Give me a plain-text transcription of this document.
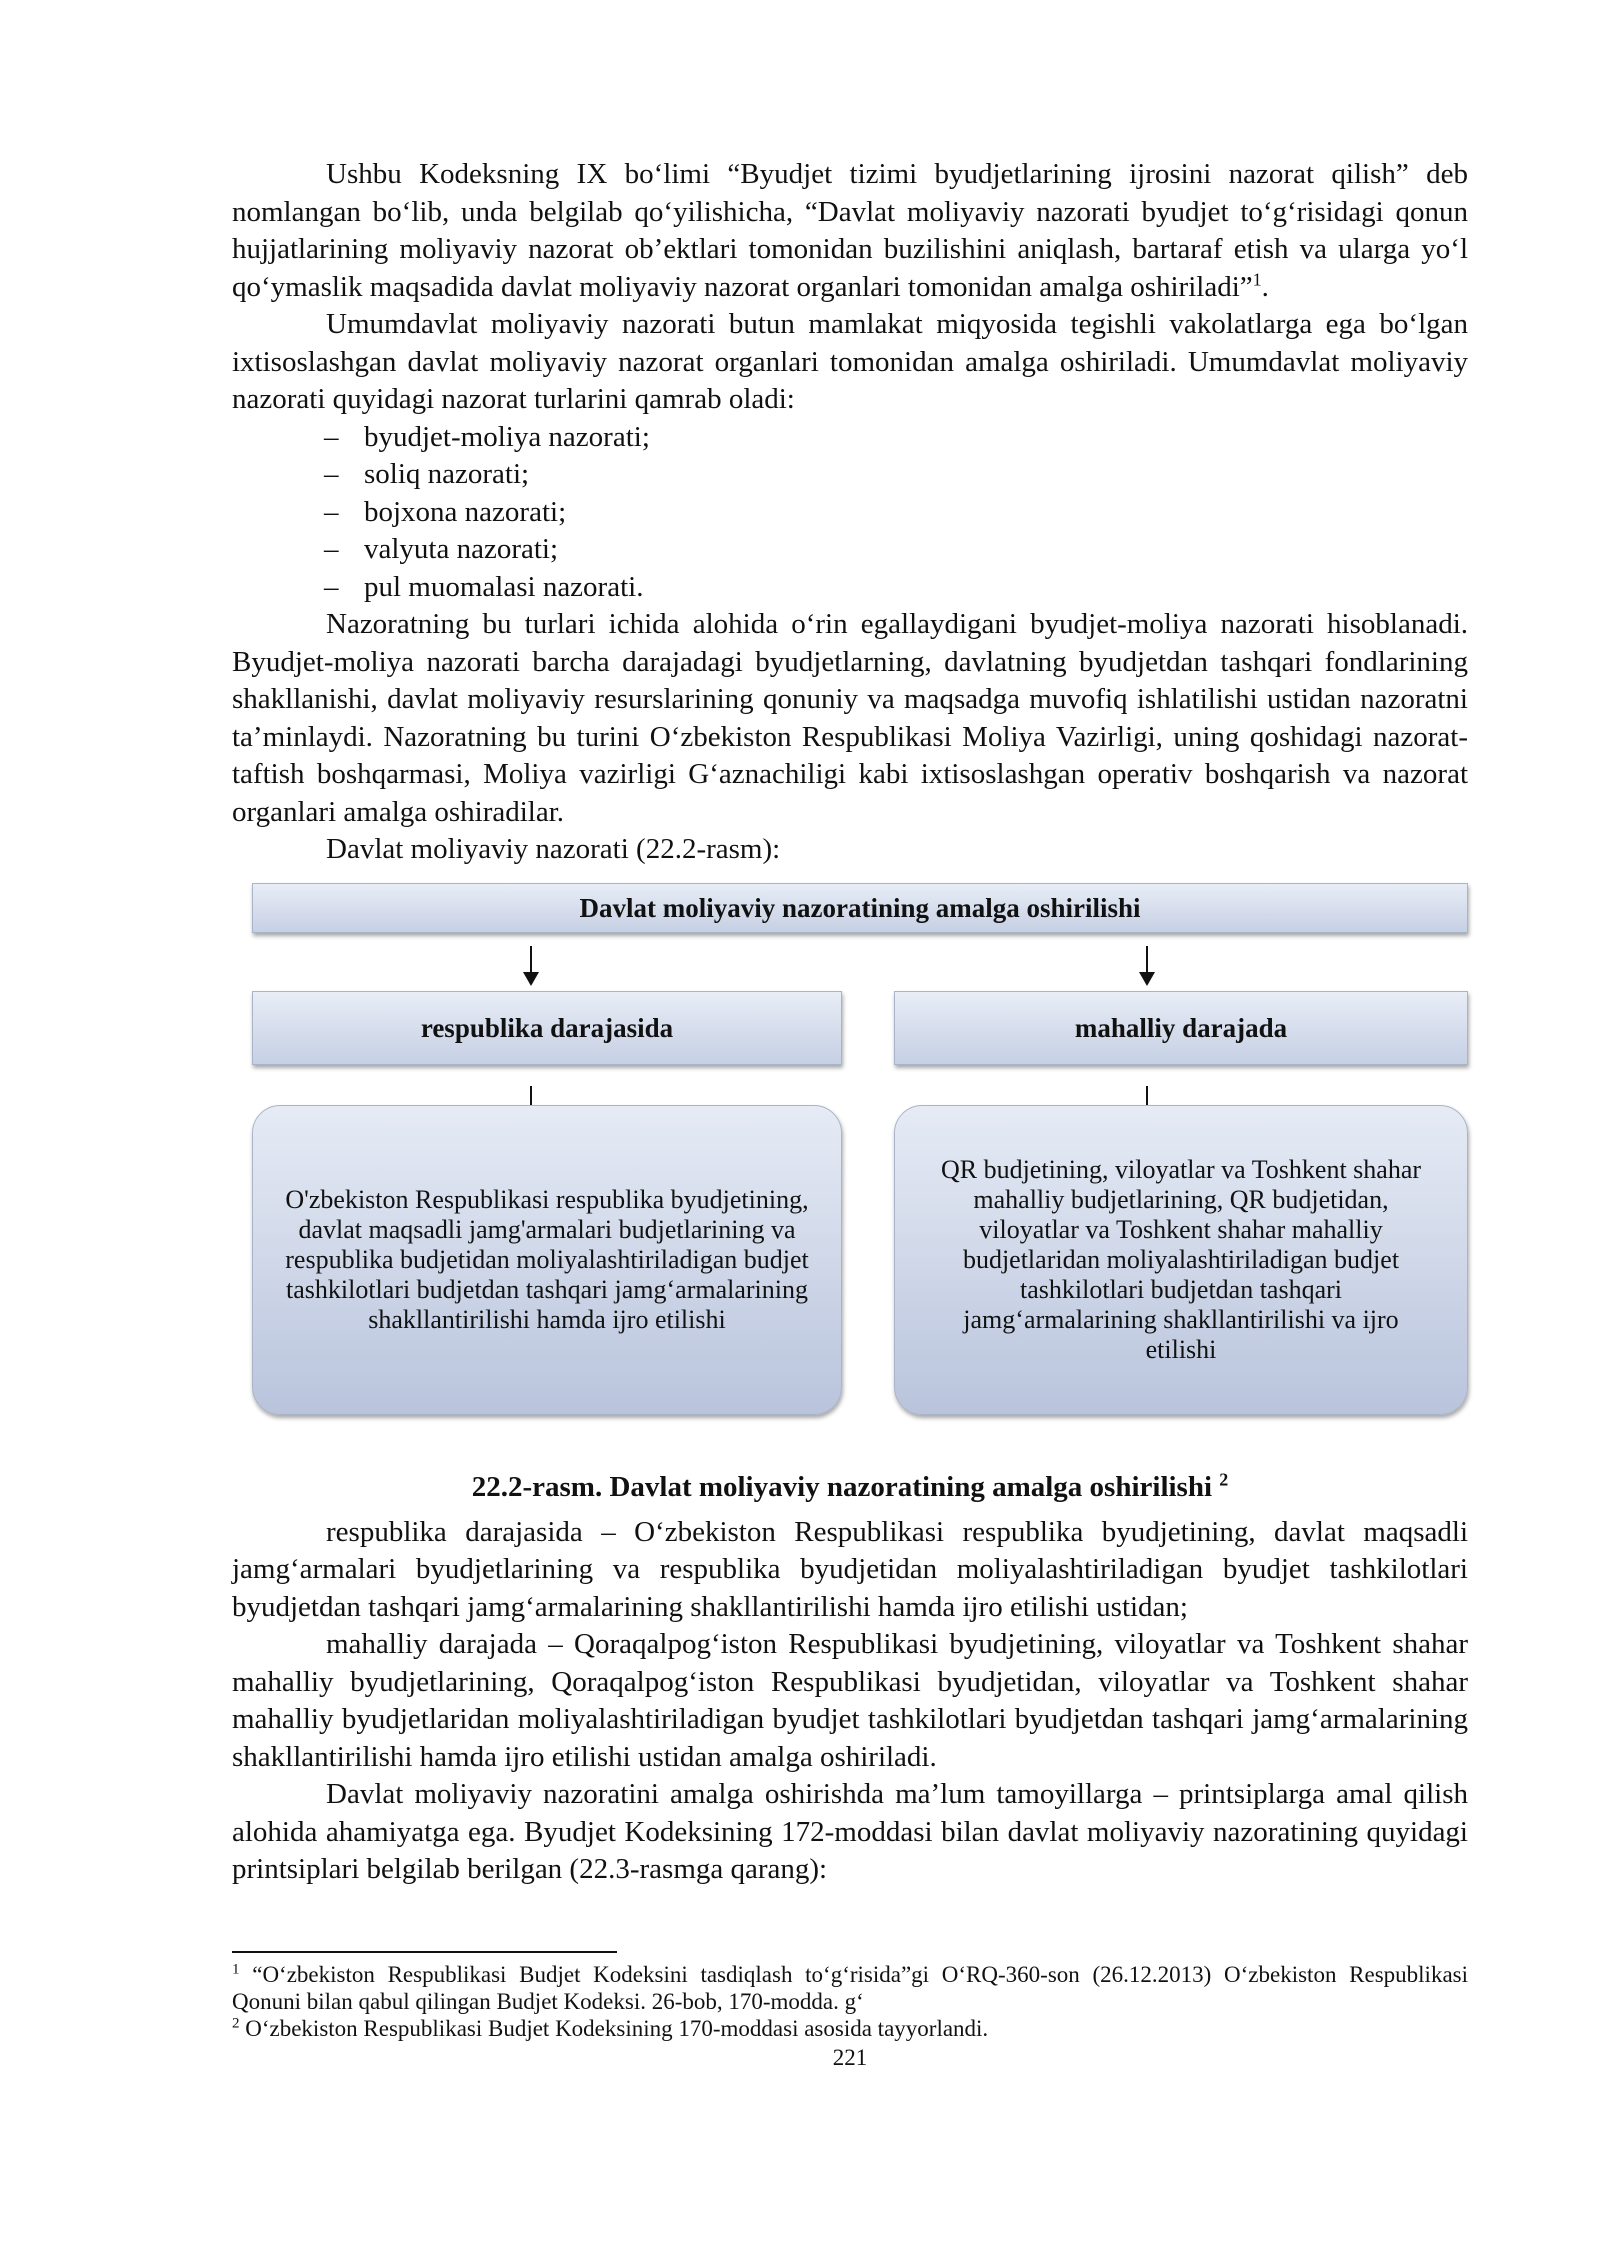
Ushbu Kodeksning IX bo‘limi “Byudjet tizimi byudjetlarining ijrosini nazorat qilish” deb nomlangan bo‘lib, unda belgilab qo‘yilishicha, “Davlat moliyaviy nazorati byudjet to‘g‘risidagi qonun hujjatlarining moliyaviy nazorat ob’ektlari tomonidan buzilishini aniqlash, bartaraf etish va ularga yo‘l qo‘ymaslik maqsadida davlat moliyaviy nazorat organlari tomonidan amalga oshiriladi”$^1$.

Umumdavlat moliyaviy nazorati butun mamlakat miqyosida tegishli vakolatlarga ega bo‘lgan ixtisoslashgan davlat moliyaviy nazorat organlari tomonidan amalga oshiriladi. Umumdavlat moliyaviy nazorati quyidagi nazorat turlarini qamrab oladi:

– byudjet-moliya nazorati;
– soliq nazorati;
– bojxona nazorati;
– valyuta nazorati;
– pul muomalasi nazorati.

Nazoratning bu turlari ichida alohida o‘rin egallaydigani byudjet-moliya nazorati hisoblanadi. Byudjet-moliya nazorati barcha darajadagi byudjetlarning, davlatning byudjetdan tashqari fondlarining shakllanishi, davlat moliyaviy resurslarining qonuniy va maqsadga muvofiq ishlatilishi ustidan nazoratni ta’minlaydi. Nazoratning bu turini O‘zbekiston Respublikasi Moliya Vazirligi, uning qoshidagi nazorat-taftish boshqarmasi, Moliya vazirligi G‘aznachiligi kabi ixtisoslashgan operativ boshqarish va nazorat organlari amalga oshiradilar.

Davlat moliyaviy nazorati (22.2-rasm):

Davlat moliyaviy nazoratining amalga oshirilishi
respublika darajasida	mahalliy darajada
O'zbekiston Respublikasi respublika byudjetining, davlat maqsadli jamg'armalari budjetlarining va respublika budjetidan moliyalashtiriladigan budjet tashkilotlari budjetdan tashqari jamgʻarmalarining shakllantirilishi hamda ijro etilishi
QR budjetining, viloyatlar va Toshkent shahar mahalliy budjetlarining, QR budjetidan, viloyatlar va Toshkent shahar mahalliy budjetlaridan moliyalashtiriladigan budjet tashkilotlari budjetdan tashqari jamgʻarmalarining shakllantirilishi va ijro etilishi
22.2-rasm. Davlat moliyaviy nazoratining amalga oshirilishi $^2$

respublika darajasida – O‘zbekiston Respublikasi respublika byudjetining, davlat maqsadli jamg‘armalari byudjetlarining va respublika byudjetidan moliyalashtiriladigan byudjet tashkilotlari byudjetdan tashqari jamg‘armalarining shakllantirilishi hamda ijro etilishi ustidan;

mahalliy darajada – Qoraqalpog‘iston Respublikasi byudjetining, viloyatlar va Toshkent shahar mahalliy byudjetlarining, Qoraqalpog‘iston Respublikasi byudjetidan, viloyatlar va Toshkent shahar mahalliy byudjetlaridan moliyalashtiriladigan byudjet tashkilotlari byudjetdan tashqari jamg‘armalarining shakllantirilishi hamda ijro etilishi ustidan amalga oshiriladi.

Davlat moliyaviy nazoratini amalga oshirishda ma’lum tamoyillarga – printsiplarga amal qilish alohida ahamiyatga ega. Byudjet Kodeksining 172-moddasi bilan davlat moliyaviy nazoratining quyidagi printsiplari belgilab berilgan (22.3-rasmga qarang):

$^1$ “O‘zbekiston Respublikasi Budjet Kodeksini tasdiqlash to‘g‘risida”gi O‘RQ-360-son (26.12.2013) O‘zbekiston Respublikasi Qonuni bilan qabul qilingan Budjet Kodeksi. 26-bob, 170-modda. g‘

$^2$ O‘zbekiston Respublikasi Budjet Kodeksining 170-moddasi asosida tayyorlandi.

221
